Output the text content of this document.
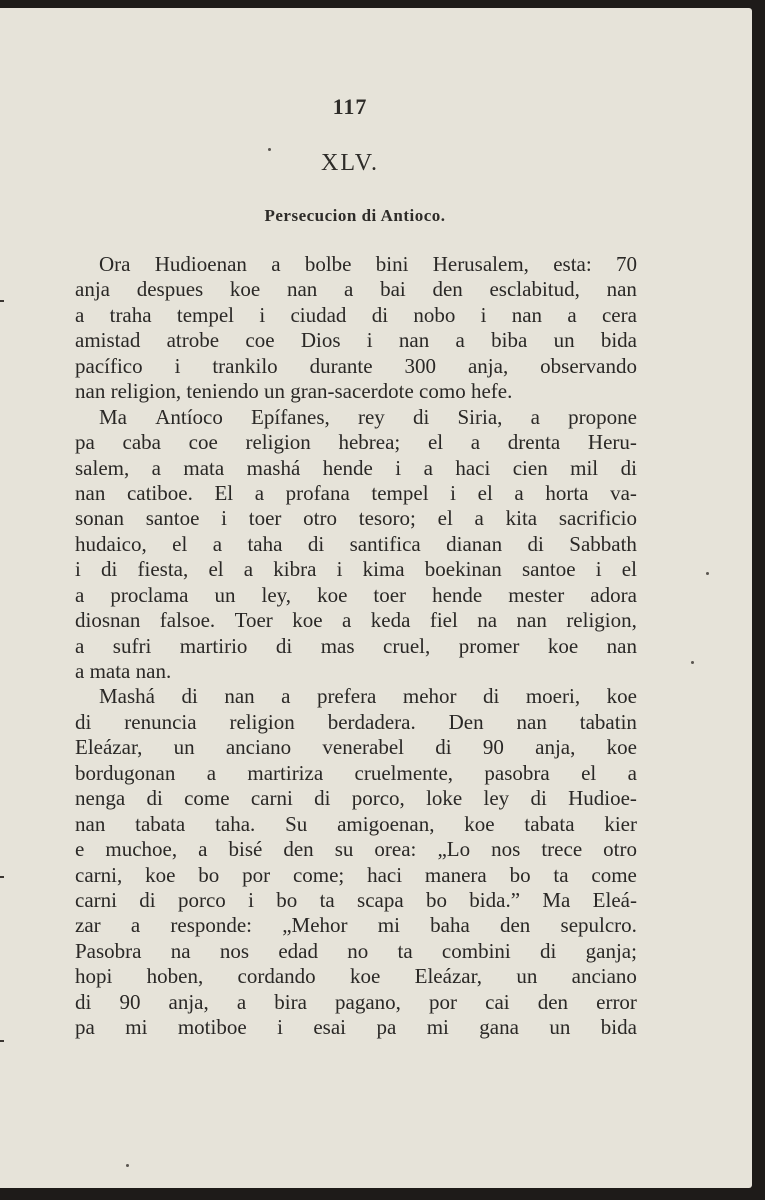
117
XLV.
Persecucion di Antioco.
Ora Hudioenan a bolbe bini Herusalem, esta: 70
anja despues koe nan a bai den esclabitud, nan
a traha tempel i ciudad di nobo i nan a cera
amistad atrobe coe Dios i nan a biba un bida
pacífico i trankilo durante 300 anja, observando
nan religion, teniendo un gran-sacerdote como hefe.
Ma Antíoco Epífanes, rey di Siria, a propone
pa caba coe religion hebrea; el a drenta Heru-
salem, a mata mashá hende i a haci cien mil di
nan catiboe. El a profana tempel i el a horta va-
sonan santoe i toer otro tesoro; el a kita sacrificio
hudaico, el a taha di santifica dianan di Sabbath
i di fiesta, el a kibra i kima boekinan santoe i el
a proclama un ley, koe toer hende mester adora
diosnan falsoe. Toer koe a keda fiel na nan religion,
a sufri martirio di mas cruel, promer koe nan
a mata nan.
Mashá di nan a prefera mehor di moeri, koe
di renuncia religion berdadera. Den nan tabatin
Eleázar, un anciano venerabel di 90 anja, koe
bordugonan a martiriza cruelmente, pasobra el a
nenga di come carni di porco, loke ley di Hudioe-
nan tabata taha. Su amigoenan, koe tabata kier
e muchoe, a bisé den su orea: „Lo nos trece otro
carni, koe bo por come; haci manera bo ta come
carni di porco i bo ta scapa bo bida.” Ma Eleá-
zar a responde: „Mehor mi baha den sepulcro.
Pasobra na nos edad no ta combini di ganja;
hopi hoben, cordando koe Eleázar, un anciano
di 90 anja, a bira pagano, por cai den error
pa mi motiboe i esai pa mi gana un bida
